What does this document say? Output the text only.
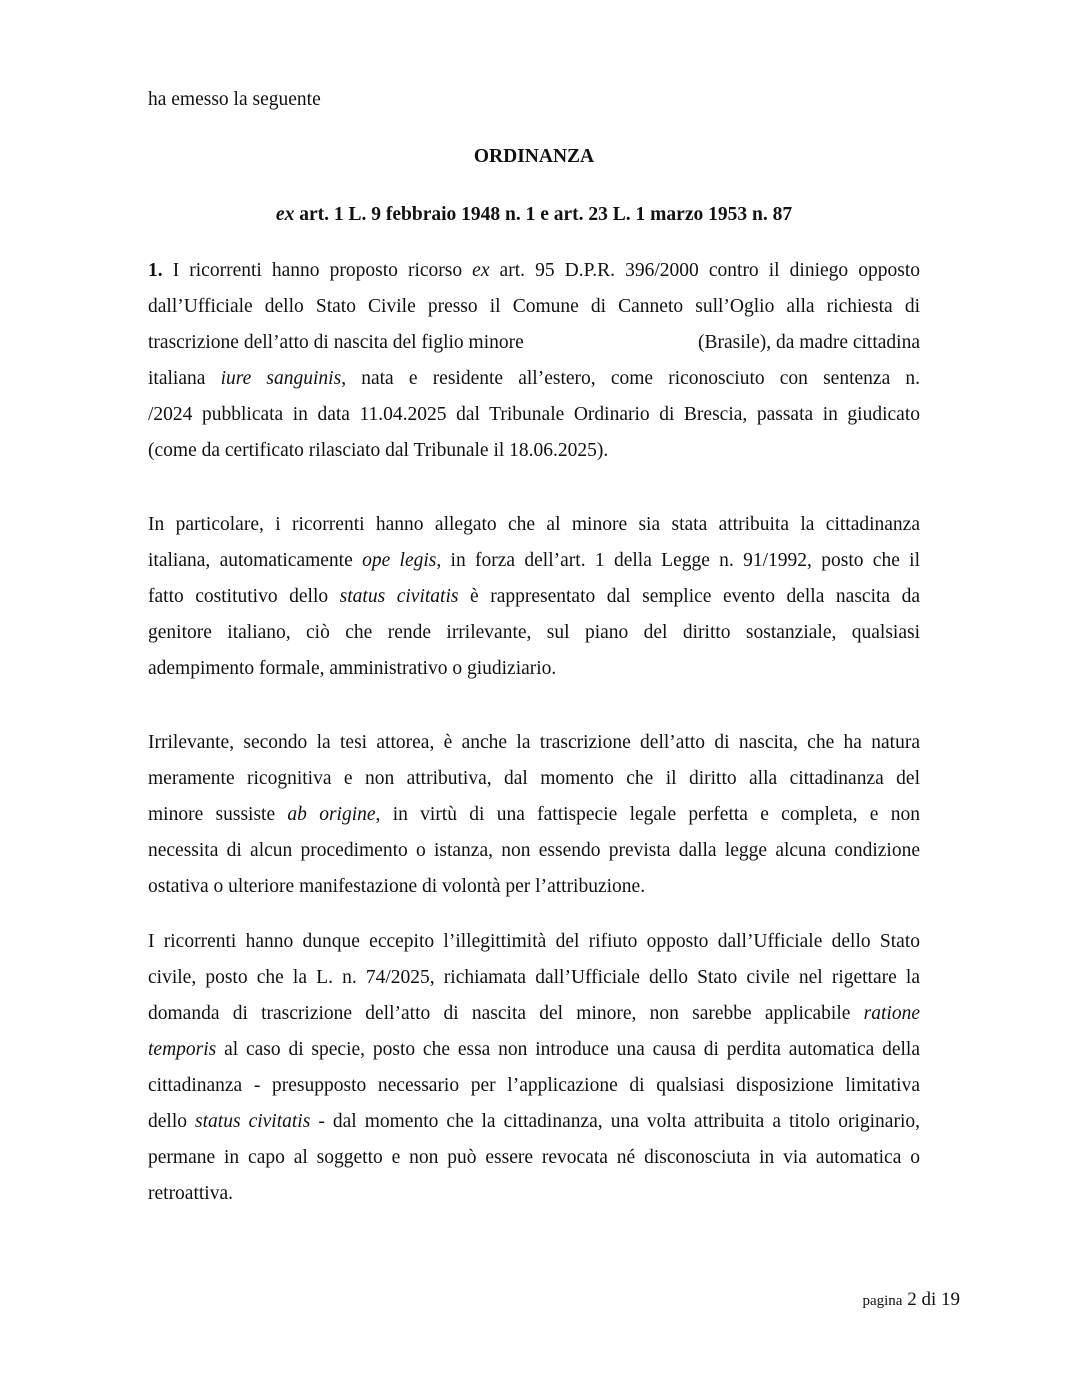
ha emesso la seguente
ORDINANZA
ex art. 1 L. 9 febbraio 1948 n. 1 e art. 23 L. 1 marzo 1953 n. 87
1. I ricorrenti hanno proposto ricorso ex art. 95 D.P.R. 396/2000 contro il diniego opposto
dall’Ufficiale dello Stato Civile presso il Comune di Canneto sull’Oglio alla richiesta di
trascrizione dell’atto di nascita del figlio minore	(Brasile), da madre cittadina
italiana iure sanguinis, nata e residente all’estero, come riconosciuto con sentenza n.
/2024 pubblicata in data 11.04.2025 dal Tribunale Ordinario di Brescia, passata in giudicato
(come da certificato rilasciato dal Tribunale il 18.06.2025).
In particolare, i ricorrenti hanno allegato che al minore sia stata attribuita la cittadinanza
italiana, automaticamente ope legis, in forza dell’art. 1 della Legge n. 91/1992, posto che il
fatto costitutivo dello status civitatis è rappresentato dal semplice evento della nascita da
genitore italiano, ciò che rende irrilevante, sul piano del diritto sostanziale, qualsiasi
adempimento formale, amministrativo o giudiziario.
Irrilevante, secondo la tesi attorea, è anche la trascrizione dell’atto di nascita, che ha natura
meramente ricognitiva e non attributiva, dal momento che il diritto alla cittadinanza del
minore sussiste ab origine, in virtù di una fattispecie legale perfetta e completa, e non
necessita di alcun procedimento o istanza, non essendo prevista dalla legge alcuna condizione
ostativa o ulteriore manifestazione di volontà per l’attribuzione.
I ricorrenti hanno dunque eccepito l’illegittimità del rifiuto opposto dall’Ufficiale dello Stato
civile, posto che la L. n. 74/2025, richiamata dall’Ufficiale dello Stato civile nel rigettare la
domanda di trascrizione dell’atto di nascita del minore, non sarebbe applicabile ratione
temporis al caso di specie, posto che essa non introduce una causa di perdita automatica della
cittadinanza - presupposto necessario per l’applicazione di qualsiasi disposizione limitativa
dello status civitatis - dal momento che la cittadinanza, una volta attribuita a titolo originario,
permane in capo al soggetto e non può essere revocata né disconosciuta in via automatica o
retroattiva.
pagina 2 di 19
